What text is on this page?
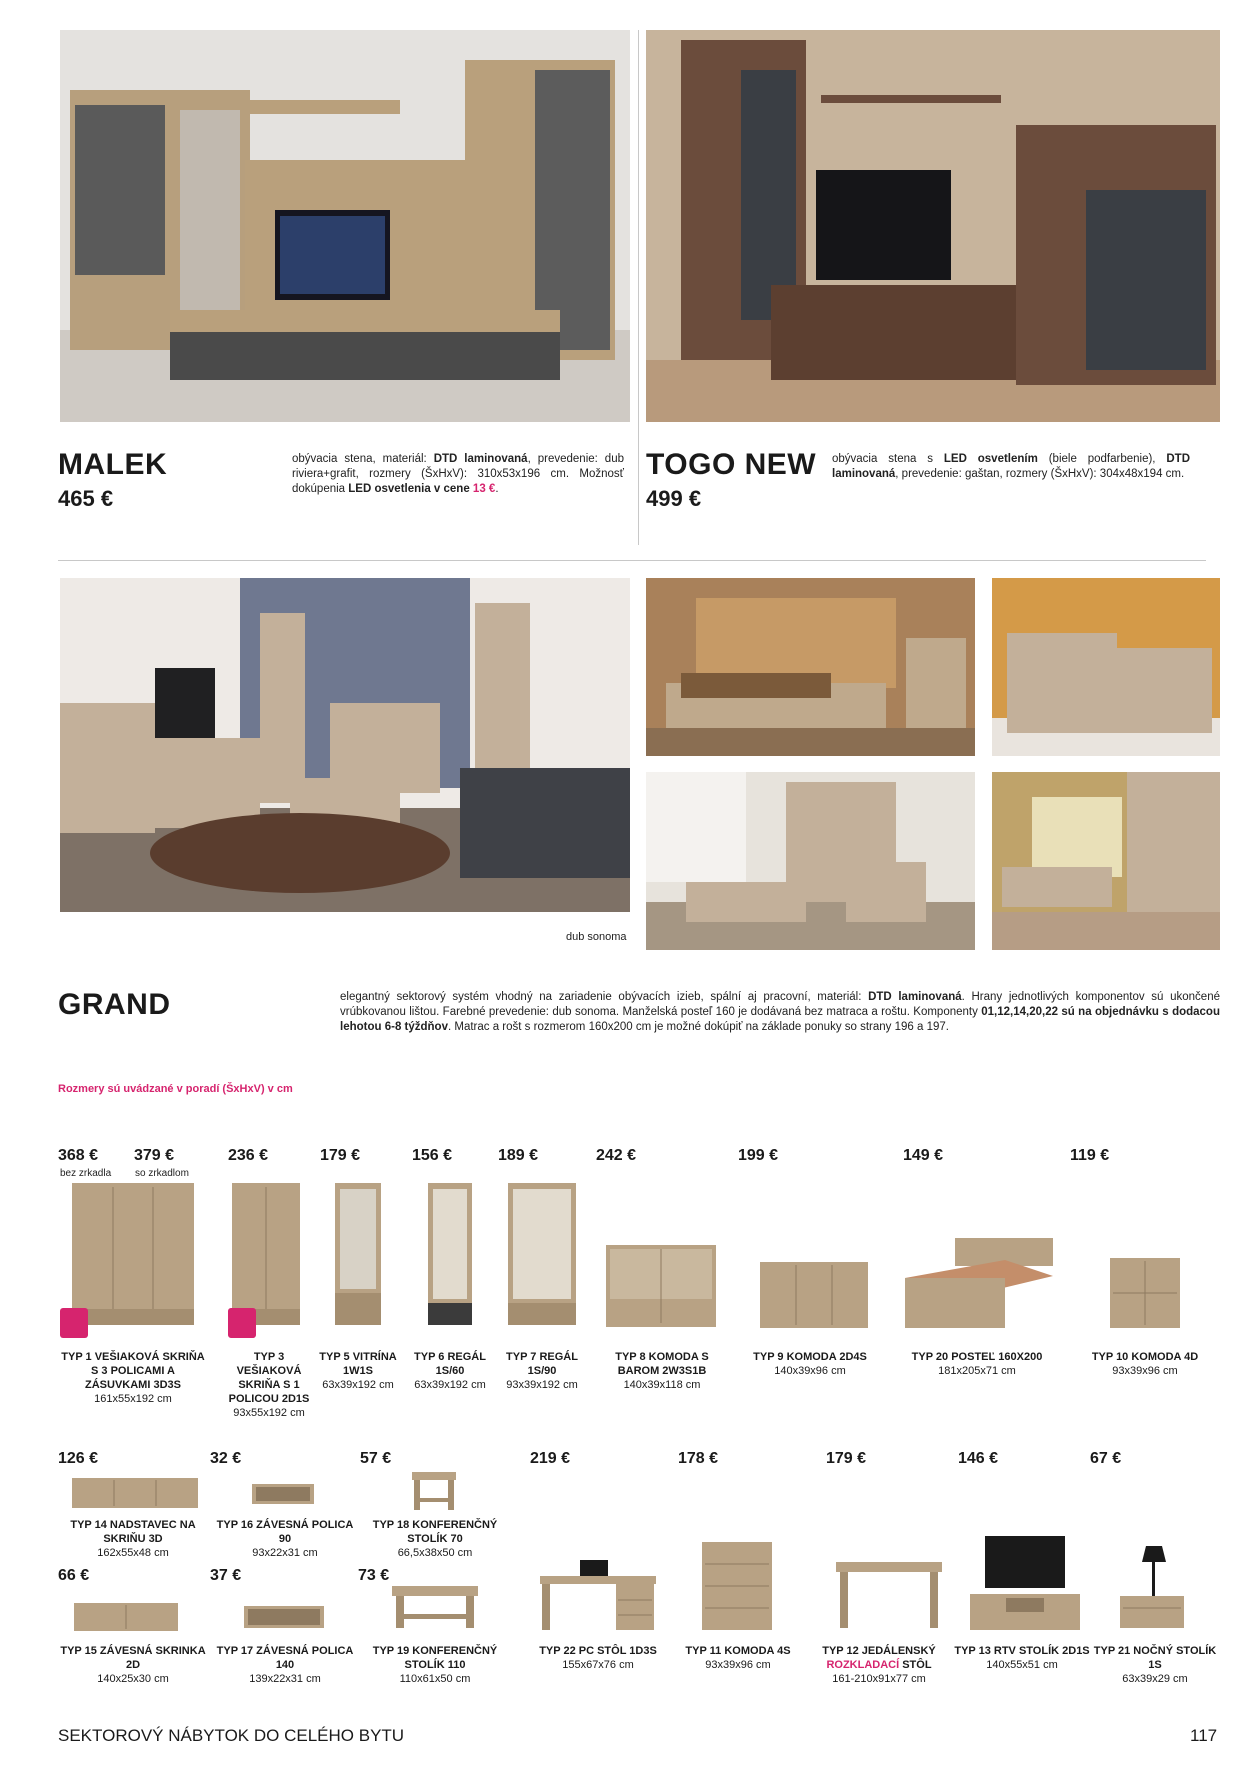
MALEK
465 €
obývacia stena, materiál: DTD laminovaná, prevedenie: dub riviera+grafit, rozmery (ŠxHxV): 310x53x196 cm. Možnosť dokúpenia LED osvetlenia v cene 13 €.
TOGO NEW
499 €
obývacia stena s LED osvetlením (biele podfarbenie), DTD laminovaná, prevedenie: gaštan, rozmery (ŠxHxV): 304x48x194 cm.
dub sonoma
GRAND	elegantný sektorový systém vhodný na zariadenie obývacích izieb, spální aj pracovní, materiál: DTD laminovaná. Hrany jednotlivých komponentov sú ukončené vrúbkovanou lištou. Farebné prevedenie: dub sonoma. Manželská posteľ 160 je dodávaná bez matraca a roštu. Komponenty 01,12,14,20,22 sú na objednávku s dodacou lehotou 6-8 týždňov. Matrac a rošt s rozmerom 160x200 cm je možné dokúpiť na základe ponuky so strany 196 a 197.
Rozmery sú uvádzané v poradí (ŠxHxV) v cm
368 €
bez zrkadla
379 €
so zrkadlom
TYP 1 VEŠIAKOVÁ SKRIŇA S 3 POLICAMI A ZÁSUVKAMI 3D3S
161x55x192 cm
236 €
TYP 3 VEŠIAKOVÁ SKRIŇA S 1 POLICOU 2D1S
93x55x192 cm
179 €
TYP 5 VITRÍNA 1W1S
63x39x192 cm
156 €
TYP 6 REGÁL 1S/60
63x39x192 cm
189 €
TYP 7 REGÁL 1S/90
93x39x192 cm
242 €
TYP 8 KOMODA S BAROM 2W3S1B
140x39x118 cm
199 €
TYP 9 KOMODA 2D4S
140x39x96 cm
149 €
TYP 20 POSTEĽ 160X200
181x205x71 cm
119 €
TYP 10 KOMODA 4D
93x39x96 cm
126 €
TYP 14 NADSTAVEC NA SKRIŇU 3D
162x55x48 cm
32 €
TYP 16 ZÁVESNÁ POLICA 90
93x22x31 cm
57 €
TYP 18 KONFERENČNÝ STOLÍK 70
66,5x38x50 cm
66 €
TYP 15 ZÁVESNÁ SKRINKA 2D
140x25x30 cm
37 €
TYP 17 ZÁVESNÁ POLICA 140
139x22x31 cm
73 €
TYP 19 KONFERENČNÝ STOLÍK 110
110x61x50 cm
219 €
TYP 22 PC STÔL 1D3S
155x67x76 cm
178 €
TYP 11 KOMODA 4S
93x39x96 cm
179 €
TYP 12 JEDÁLENSKÝ
ROZKLADACÍ STÔL
161-210x91x77 cm
146 €
TYP 13 RTV STOLÍK 2D1S
140x55x51 cm
67 €
TYP 21 NOČNÝ STOLÍK 1S
63x39x29 cm
SEKTOROVÝ NÁBYTOK DO CELÉHO BYTU	117
